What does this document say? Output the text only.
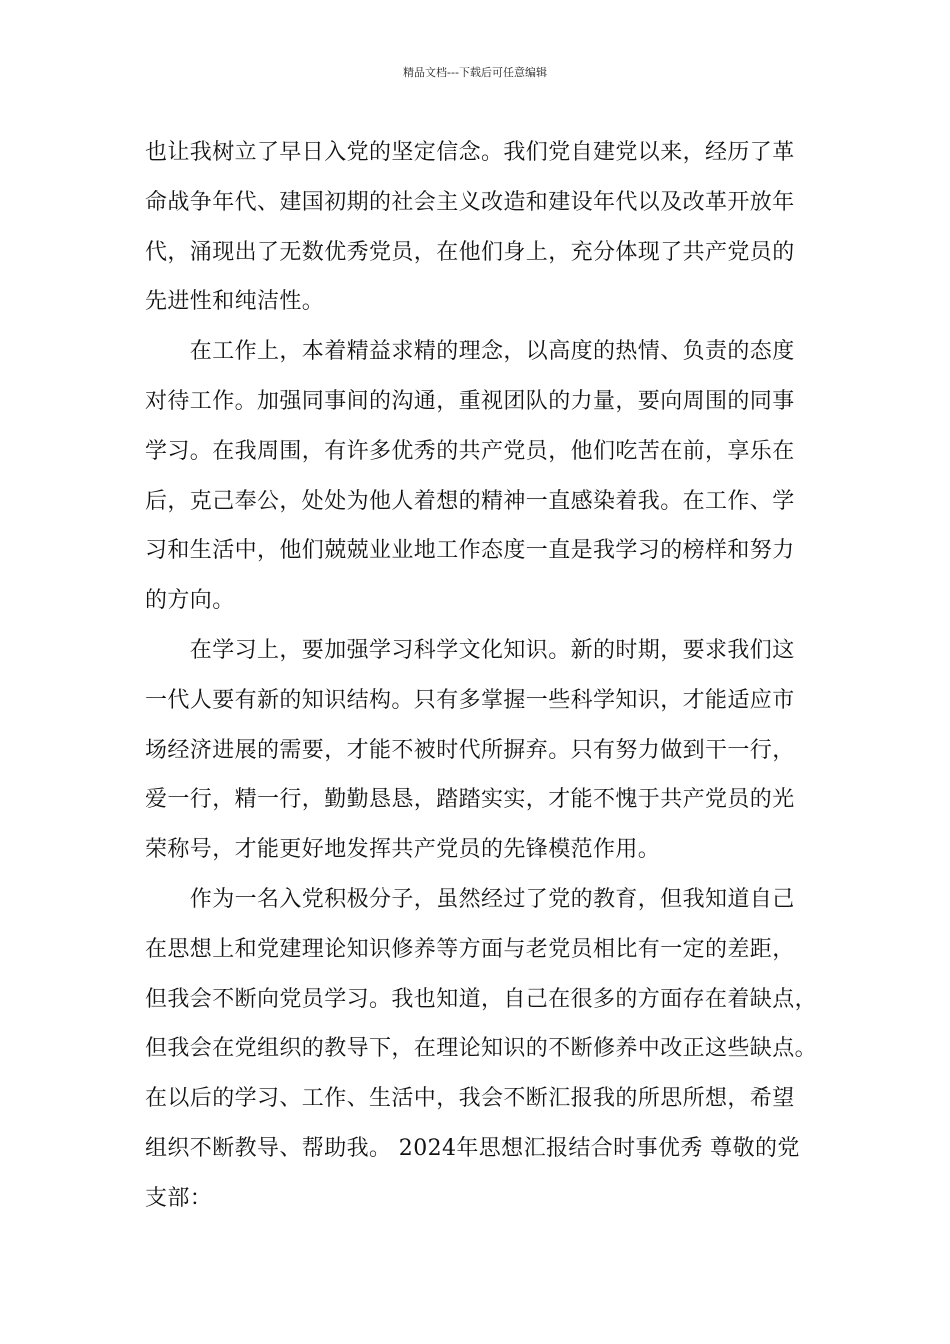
精品文档---下载后可任意编辑

也让我树立了早日入党的坚定信念。我们党自建党以来，经历了革
命战争年代、建国初期的社会主义改造和建设年代以及改革开放年
代，涌现出了无数优秀党员，在他们身上，充分体现了共产党员的
先进性和纯洁性。

　　在工作上，本着精益求精的理念，以高度的热情、负责的态度
对待工作。加强同事间的沟通，重视团队的力量，要向周围的同事
学习。在我周围，有许多优秀的共产党员，他们吃苦在前，享乐在
后，克己奉公，处处为他人着想的精神一直感染着我。在工作、学
习和生活中，他们兢兢业业地工作态度一直是我学习的榜样和努力
的方向。

　　在学习上，要加强学习科学文化知识。新的时期，要求我们这
一代人要有新的知识结构。只有多掌握一些科学知识，才能适应市
场经济进展的需要，才能不被时代所摒弃。只有努力做到干一行，
爱一行，精一行，勤勤恳恳，踏踏实实，才能不愧于共产党员的光
荣称号，才能更好地发挥共产党员的先锋模范作用。

　　作为一名入党积极分子，虽然经过了党的教育，但我知道自己
在思想上和党建理论知识修养等方面与老党员相比有一定的差距，
但我会不断向党员学习。我也知道，自己在很多的方面存在着缺点，
但我会在党组织的教导下，在理论知识的不断修养中改正这些缺点。
在以后的学习、工作、生活中，我会不断汇报我的所思所想，希望
组织不断教导、帮助我。 2024年思想汇报结合时事优秀 尊敬的党
支部：
